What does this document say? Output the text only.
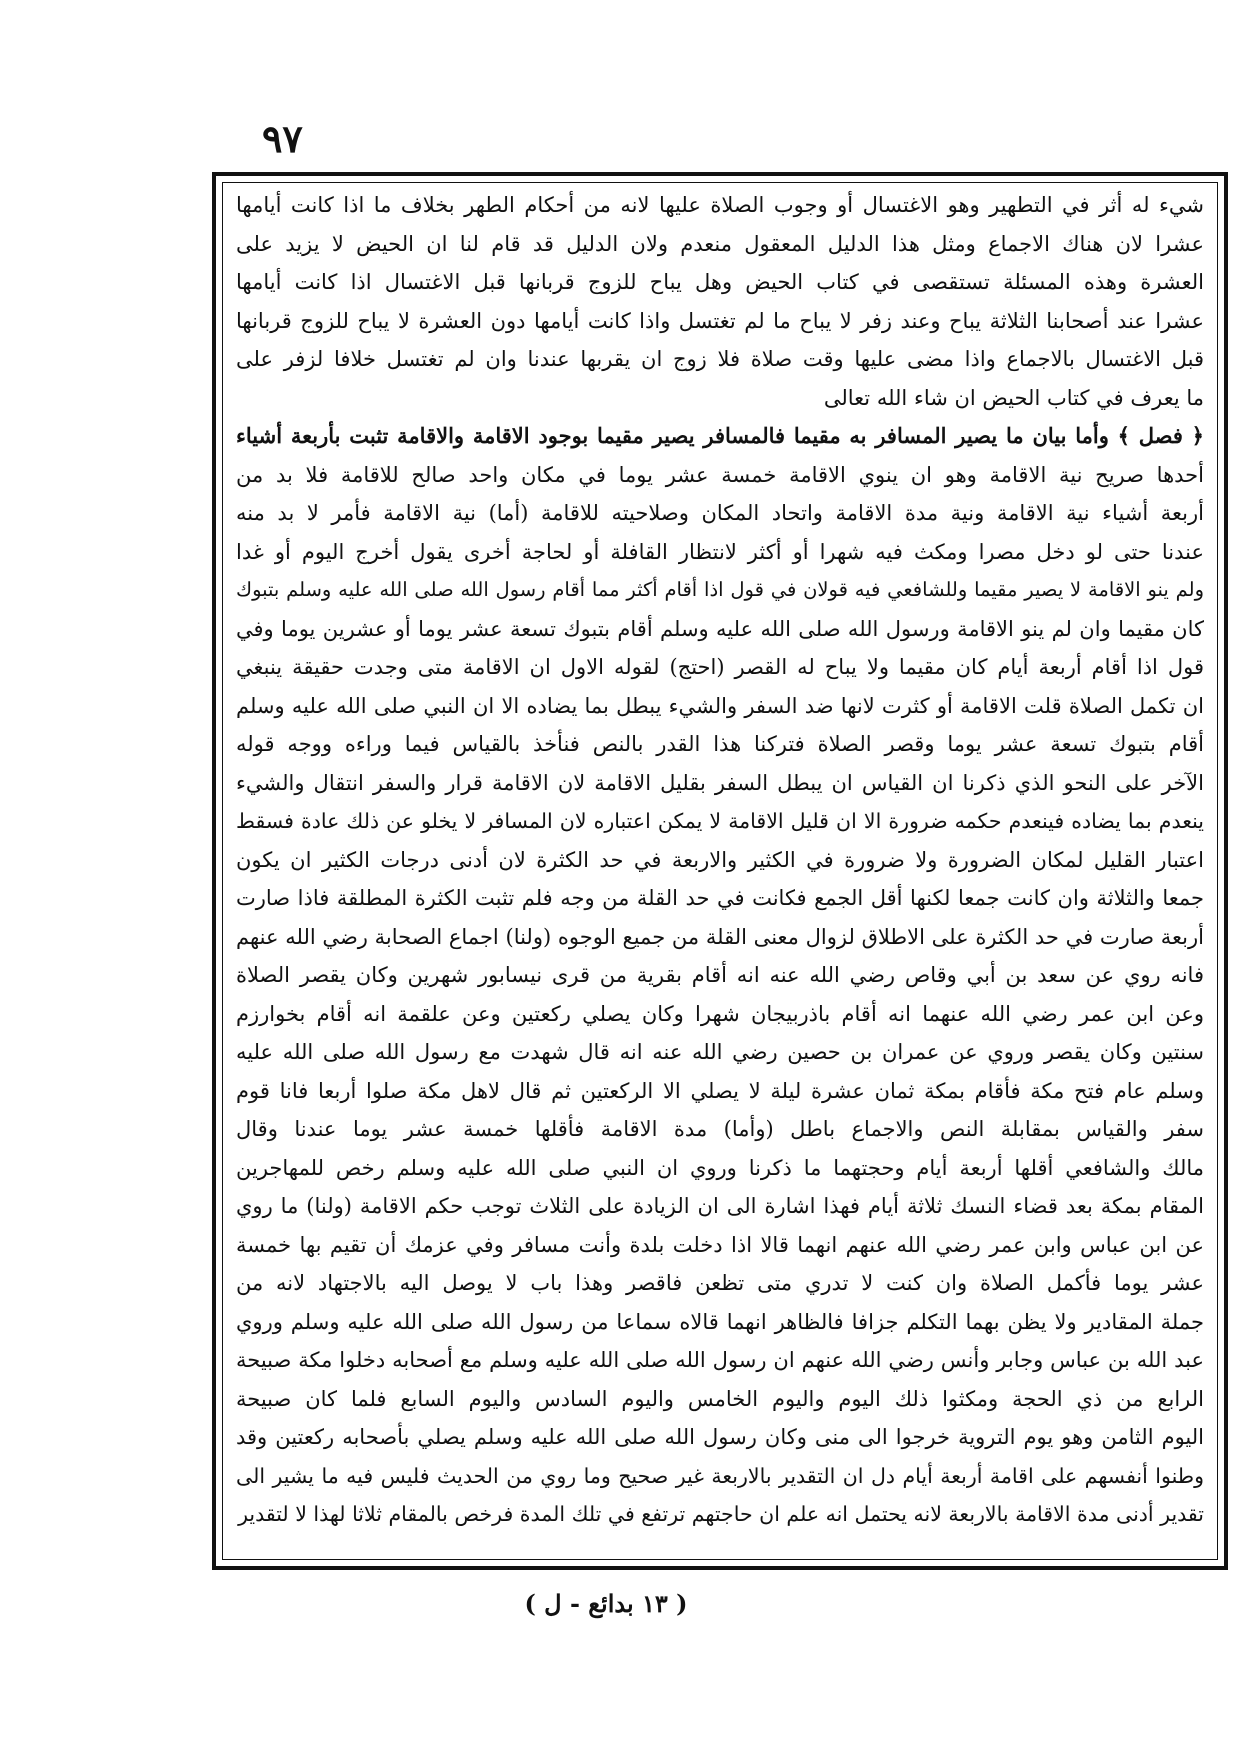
٩٧
شيء له أثر في التطهير وهو الاغتسال أو وجوب الصلاة عليها لانه من أحكام الطهر بخلاف ما اذا كانت أيامها
عشرا لان هناك الاجماع ومثل هذا الدليل المعقول منعدم ولان الدليل قد قام لنا ان الحيض لا يزيد على
العشرة وهذه المسئلة تستقصى في كتاب الحيض وهل يباح للزوج قربانها قبل الاغتسال اذا كانت أيامها
عشرا عند أصحابنا الثلاثة يباح وعند زفر لا يباح ما لم تغتسل واذا كانت أيامها دون العشرة لا يباح للزوج قربانها
قبل الاغتسال بالاجماع واذا مضى عليها وقت صلاة فلا زوج ان يقربها عندنا وان لم تغتسل خلافا لزفر على
ما يعرف في كتاب الحيض ان شاء الله تعالى
﴿ فصل ﴾ وأما بيان ما يصير المسافر به مقيما فالمسافر يصير مقيما بوجود الاقامة والاقامة تثبت بأربعة أشياء
أحدها صريح نية الاقامة وهو ان ينوي الاقامة خمسة عشر يوما في مكان واحد صالح للاقامة فلا بد من
أربعة أشياء نية الاقامة ونية مدة الاقامة واتحاد المكان وصلاحيته للاقامة (أما) نية الاقامة فأمر لا بد منه
عندنا حتى لو دخل مصرا ومكث فيه شهرا أو أكثر لانتظار القافلة أو لحاجة أخرى يقول أخرج اليوم أو غدا
ولم ينو الاقامة لا يصير مقيما وللشافعي فيه قولان في قول اذا أقام أكثر مما أقام رسول الله صلى الله عليه وسلم بتبوك
كان مقيما وان لم ينو الاقامة ورسول الله صلى الله عليه وسلم أقام بتبوك تسعة عشر يوما أو عشرين يوما وفي
قول اذا أقام أربعة أيام كان مقيما ولا يباح له القصر (احتج) لقوله الاول ان الاقامة متى وجدت حقيقة ينبغي
ان تكمل الصلاة قلت الاقامة أو كثرت لانها ضد السفر والشيء يبطل بما يضاده الا ان النبي صلى الله عليه وسلم
أقام بتبوك تسعة عشر يوما وقصر الصلاة فتركنا هذا القدر بالنص فنأخذ بالقياس فيما وراءه ووجه قوله
الآخر على النحو الذي ذكرنا ان القياس ان يبطل السفر بقليل الاقامة لان الاقامة قرار والسفر انتقال والشيء
ينعدم بما يضاده فينعدم حكمه ضرورة الا ان قليل الاقامة لا يمكن اعتباره لان المسافر لا يخلو عن ذلك عادة فسقط
اعتبار القليل لمكان الضرورة ولا ضرورة في الكثير والاربعة في حد الكثرة لان أدنى درجات الكثير ان يكون
جمعا والثلاثة وان كانت جمعا لكنها أقل الجمع فكانت في حد القلة من وجه فلم تثبت الكثرة المطلقة فاذا صارت
أربعة صارت في حد الكثرة على الاطلاق لزوال معنى القلة من جميع الوجوه (ولنا) اجماع الصحابة رضي الله عنهم
فانه روي عن سعد بن أبي وقاص رضي الله عنه انه أقام بقرية من قرى نيسابور شهرين وكان يقصر الصلاة
وعن ابن عمر رضي الله عنهما انه أقام باذربيجان شهرا وكان يصلي ركعتين وعن علقمة انه أقام بخوارزم
سنتين وكان يقصر وروي عن عمران بن حصين رضي الله عنه انه قال شهدت مع رسول الله صلى الله عليه
وسلم عام فتح مكة فأقام بمكة ثمان عشرة ليلة لا يصلي الا الركعتين ثم قال لاهل مكة صلوا أربعا فانا قوم
سفر والقياس بمقابلة النص والاجماع باطل (وأما) مدة الاقامة فأقلها خمسة عشر يوما عندنا وقال
مالك والشافعي أقلها أربعة أيام وحجتهما ما ذكرنا وروي ان النبي صلى الله عليه وسلم رخص للمهاجرين
المقام بمكة بعد قضاء النسك ثلاثة أيام فهذا اشارة الى ان الزيادة على الثلاث توجب حكم الاقامة (ولنا) ما روي
عن ابن عباس وابن عمر رضي الله عنهم انهما قالا اذا دخلت بلدة وأنت مسافر وفي عزمك أن تقيم بها خمسة
عشر يوما فأكمل الصلاة وان كنت لا تدري متى تظعن فاقصر وهذا باب لا يوصل اليه بالاجتهاد لانه من
جملة المقادير ولا يظن بهما التكلم جزافا فالظاهر انهما قالاه سماعا من رسول الله صلى الله عليه وسلم وروي
عبد الله بن عباس وجابر وأنس رضي الله عنهم ان رسول الله صلى الله عليه وسلم مع أصحابه دخلوا مكة صبيحة
الرابع من ذي الحجة ومكثوا ذلك اليوم واليوم الخامس واليوم السادس واليوم السابع فلما كان صبيحة
اليوم الثامن وهو يوم التروية خرجوا الى منى وكان رسول الله صلى الله عليه وسلم يصلي بأصحابه ركعتين وقد
وطنوا أنفسهم على اقامة أربعة أيام دل ان التقدير بالاربعة غير صحيح وما روي من الحديث فليس فيه ما يشير الى
تقدير أدنى مدة الاقامة بالاربعة لانه يحتمل انه علم ان حاجتهم ترتفع في تلك المدة فرخص بالمقام ثلاثا لهذا لا لتقدير
( ١٣ بدائع - ل )
